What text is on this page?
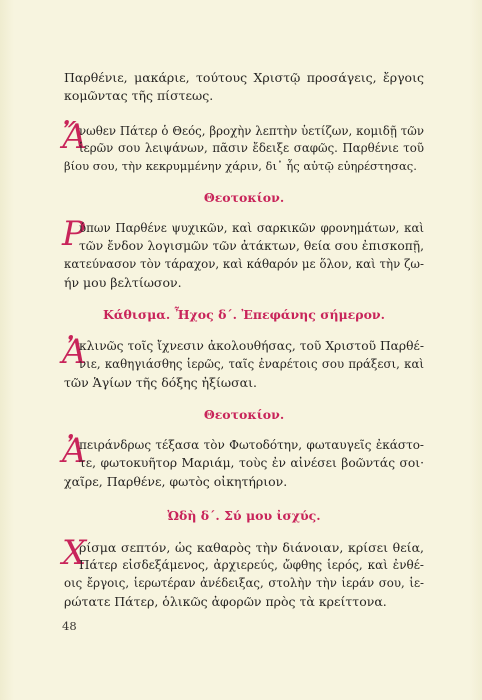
Παρθένιε, μακάριε, τούτους Χριστῷ προσάγεις, ἔργοις
κομῶντας τῆς πίστεως.
Ἄ
νωθεν Πάτερ ὁ Θεός, βροχὴν λεπτὴν ὑετίζων, κομιδῇ τῶν
ἱερῶν σου λειψάνων, πᾶσιν ἔδειξε σαφῶς. Παρθένιε τοῦ
βίου σου, τὴν κεκρυμμένην χάριν, δι᾽ ἧς αὐτῷ εὐηρέστησας.
Θεοτοκίον.
Ρ
ύπων Παρθένε ψυχικῶν, καὶ σαρκικῶν φρονημάτων, καὶ
τῶν ἔνδον λογισμῶν τῶν ἀτάκτων, θεία σου ἐπισκοπῇ,
κατεύνασον τὸν τάραχον, καὶ κάθαρόν με ὅλον, καὶ τὴν ζω-
ήν μου βελτίωσον.
Κάθισμα. Ἦχος δ΄. Ἐπεφάνης σήμερον.
Ἀ
κλινῶς τοῖς ἴχνεσιν ἀκολουθήσας, τοῦ Χριστοῦ Παρθέ-
νιε, καθηγιάσθης ἱερῶς, ταῖς ἐναρέτοις σου πράξεσι, καὶ
τῶν Ἁγίων τῆς δόξης ἠξίωσαι.
Θεοτοκίον.
Ἀ
πειράνδρως τέξασα τὸν Φωτοδότην, φωταυγεῖς ἐκάστο-
τε, φωτοκυῆτορ Μαριάμ, τοὺς ἐν αἰνέσει βοῶντάς σοι·
χαῖρε, Παρθένε, φωτὸς οἰκητήριον.
Ὠδὴ δ΄. Σύ μου ἰσχύς.
Χ
ρίσμα σεπτόν, ὡς καθαρὸς τὴν διάνοιαν, κρίσει θεία,
Πάτερ εἰσδεξάμενος, ἀρχιερεύς, ὤφθης ἱερός, καὶ ἐνθέ-
οις ἔργοις, ἱερωτέραν ἀνέδειξας, στολὴν τὴν ἱεράν σου, ἱε-
ρώτατε Πάτερ, ὁλικῶς ἀφορῶν πρὸς τὰ κρείττονα.
48
